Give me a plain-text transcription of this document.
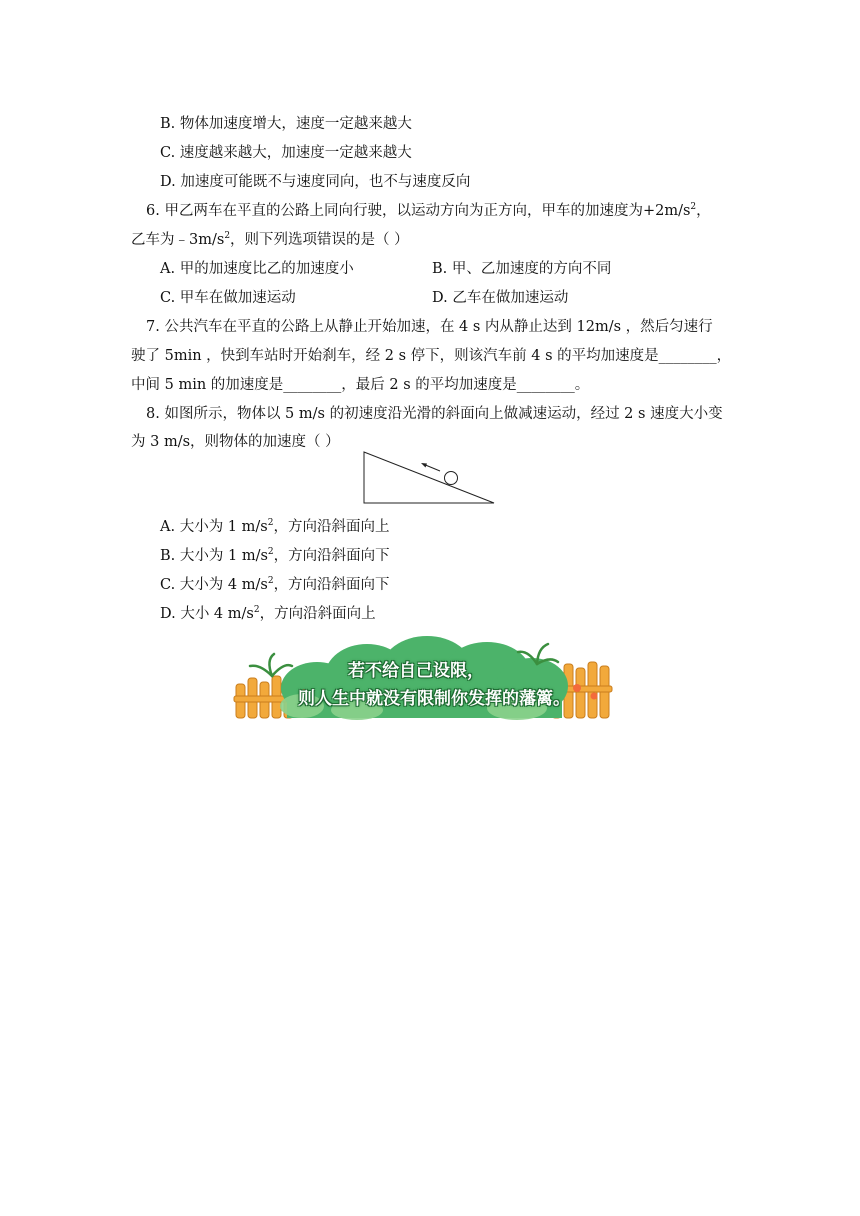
B. 物体加速度增大，速度一定越来越大
C. 速度越来越大，加速度一定越来越大
D. 加速度可能既不与速度同向，也不与速度反向
6. 甲乙两车在平直的公路上同向行驶，以运动方向为正方向，甲车的加速度为$+2m/s^2$，
乙车为$﹣3m/s^2$，则下列选项错误的是（ ）
A. 甲的加速度比乙的加速度小	B. 甲、乙加速度的方向不同
C. 甲车在做加速运动	D. 乙车在做加速运动
7. 公共汽车在平直的公路上从静止开始加速，在 4 s 内从静止达到 12m/s ，然后匀速行
驶了 5min ，快到车站时开始刹车，经 2 s 停下，则该汽车前 4 s 的平均加速度是________，
中间 5 min 的加速度是________，最后 2 s 的平均加速度是________。
8. 如图所示，物体以 5 m/s 的初速度沿光滑的斜面向上做减速运动，经过 2 s 速度大小变
为 3 m/s，则物体的加速度（ ）
A. 大小为 1 $m/s^2$，方向沿斜面向上
B. 大小为 1 $m/s^2$，方向沿斜面向下
C. 大小为 4 $m/s^2$，方向沿斜面向下
D. 大小 4 $m/s^2$，方向沿斜面向上
若不给自己设限，
则人生中就没有限制你发挥的藩篱。
